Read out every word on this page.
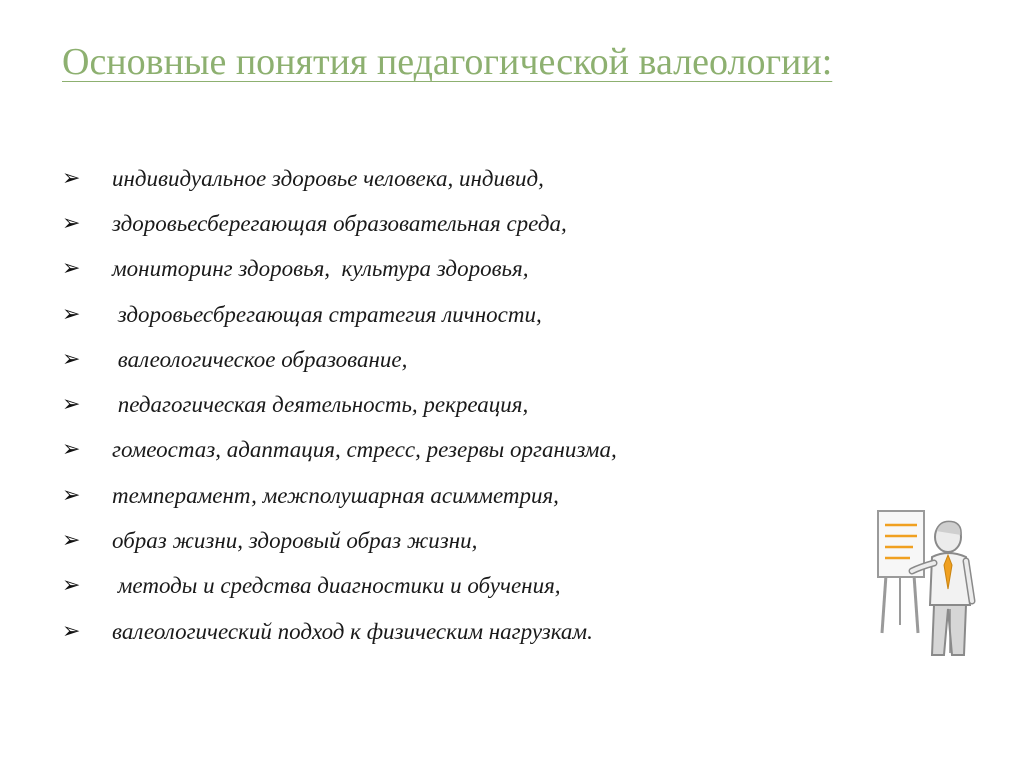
Основные понятия педагогической валеологии:
➢	индивидуальное здоровье человека, индивид,
➢	здоровьесберегающая образовательная среда,
➢	мониторинг здоровья,  культура здоровья,
➢	здоровьесбрегающая стратегия личности,
➢	валеологическое образование,
➢	педагогическая деятельность, рекреация,
➢	гомеостаз, адаптация, стресс, резервы организма,
➢	темперамент, межполушарная асимметрия,
➢	образ жизни, здоровый образ жизни,
➢	методы и средства диагностики и обучения,
➢	валеологический подход к физическим нагрузкам.
